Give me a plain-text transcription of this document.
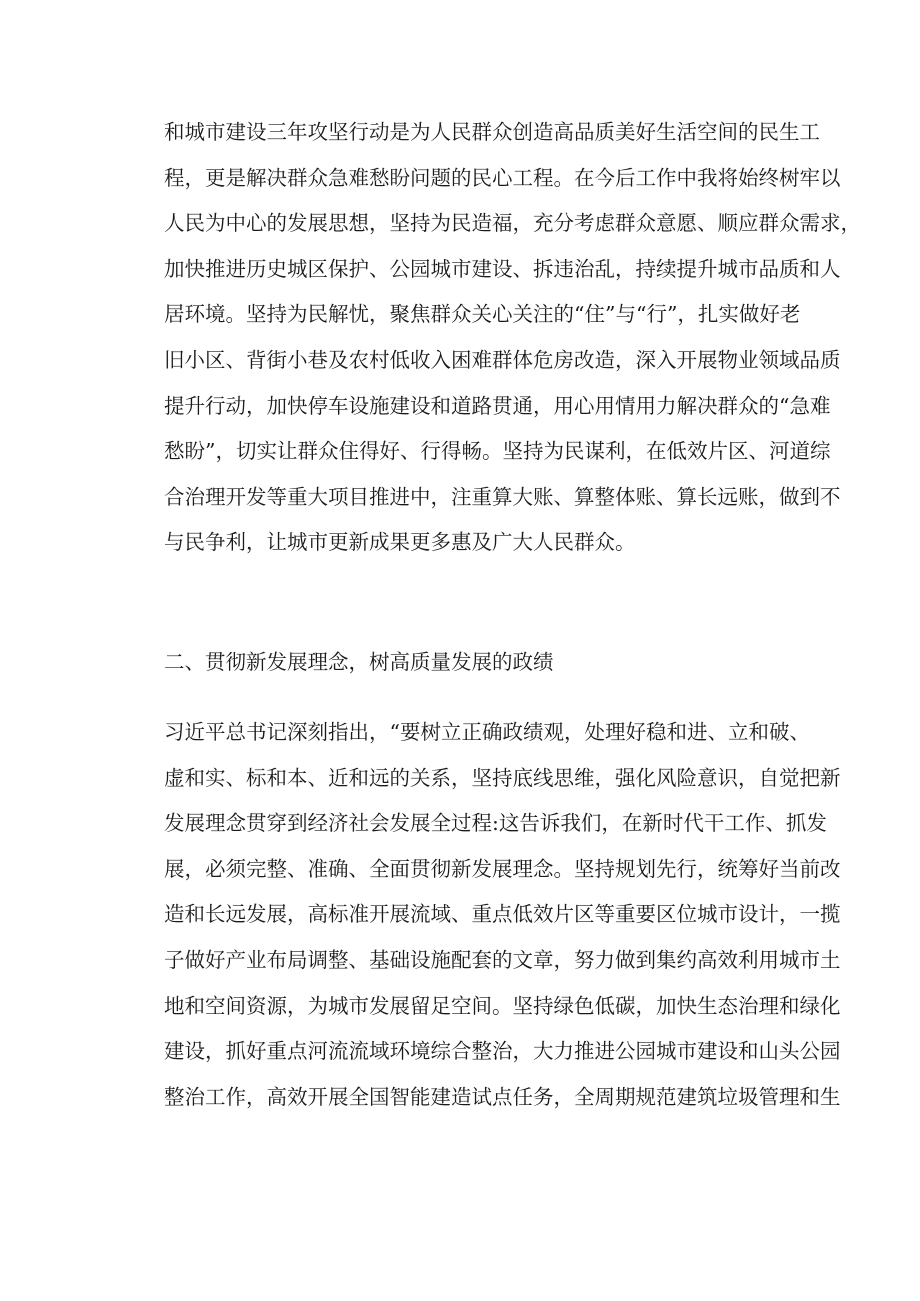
和城市建设三年攻坚行动是为人民群众创造高品质美好生活空间的民生工
程，更是解决群众急难愁盼问题的民心工程。在今后工作中我将始终树牢以
人民为中心的发展思想，坚持为民造福，充分考虑群众意愿、顺应群众需求，
加快推进历史城区保护、公园城市建设、拆违治乱，持续提升城市品质和人
居环境。坚持为民解忧，聚焦群众关心关注的“住”与“行”，扎实做好老
旧小区、背街小巷及农村低收入困难群体危房改造，深入开展物业领域品质
提升行动，加快停车设施建设和道路贯通，用心用情用力解决群众的“急难
愁盼”，切实让群众住得好、行得畅。坚持为民谋利，在低效片区、河道综
合治理开发等重大项目推进中，注重算大账、算整体账、算长远账，做到不
与民争利，让城市更新成果更多惠及广大人民群众。
二、贯彻新发展理念，树高质量发展的政绩
习近平总书记深刻指出，“要树立正确政绩观，处理好稳和进、立和破、
虚和实、标和本、近和远的关系，坚持底线思维，强化风险意识，自觉把新
发展理念贯穿到经济社会发展全过程:这告诉我们，在新时代干工作、抓发
展，必须完整、准确、全面贯彻新发展理念。坚持规划先行，统筹好当前改
造和长远发展，高标准开展流域、重点低效片区等重要区位城市设计，一揽
子做好产业布局调整、基础设施配套的文章，努力做到集约高效利用城市土
地和空间资源，为城市发展留足空间。坚持绿色低碳，加快生态治理和绿化
建设，抓好重点河流流域环境综合整治，大力推进公园城市建设和山头公园
整治工作，高效开展全国智能建造试点任务，全周期规范建筑垃圾管理和生
